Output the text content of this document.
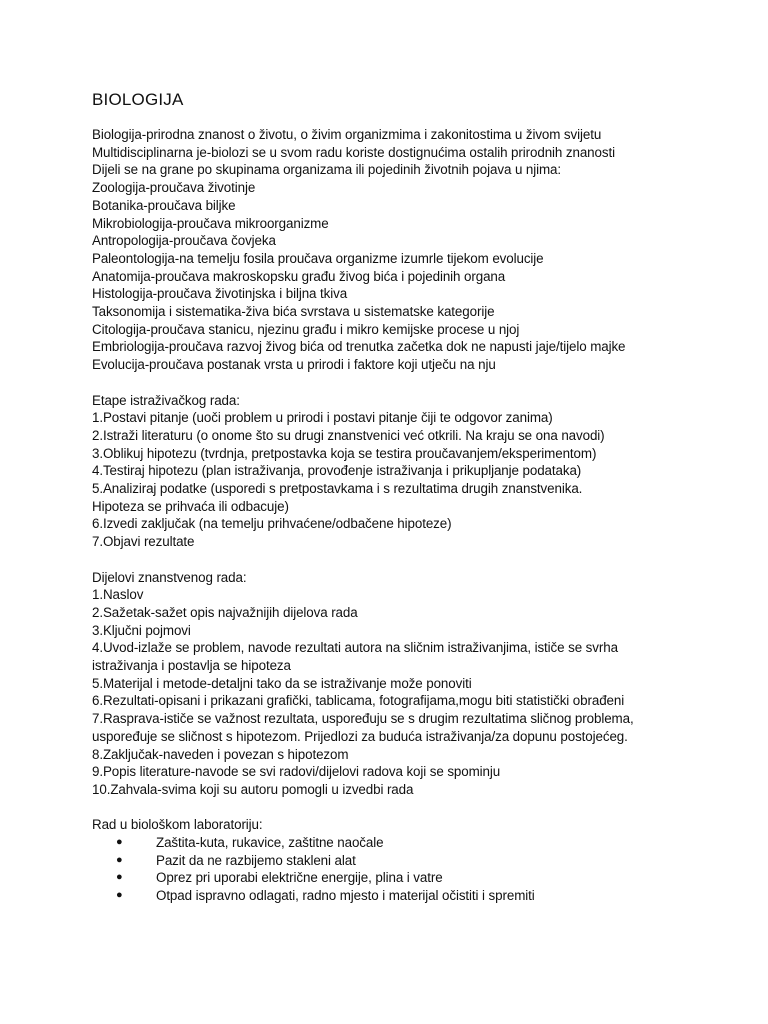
BIOLOGIJA
Biologija-prirodna znanost o životu, o živim organizmima i zakonitostima u živom svijetu
Multidisciplinarna je-biolozi se u svom radu koriste dostignućima ostalih prirodnih znanosti
Dijeli se na grane po skupinama organizama ili pojedinih životnih pojava u njima:
Zoologija-proučava životinje
Botanika-proučava biljke
Mikrobiologija-proučava mikroorganizme
Antropologija-proučava čovjeka
Paleontologija-na temelju fosila proučava organizme izumrle tijekom evolucije
Anatomija-proučava makroskopsku građu živog bića i pojedinih organa
Histologija-proučava životinjska i biljna tkiva
Taksonomija i sistematika-živa bića svrstava u sistematske kategorije
Citologija-proučava stanicu, njezinu građu i mikro kemijske procese u njoj
Embriologija-proučava razvoj živog bića od trenutka začetka dok ne napusti jaje/tijelo majke
Evolucija-proučava postanak vrsta u prirodi i faktore koji utječu na nju
Etape istraživačkog rada:
1.Postavi pitanje (uoči problem u prirodi i postavi pitanje čiji te odgovor zanima)
2.Istraži literaturu (o onome što su drugi znanstvenici već otkrili. Na kraju se ona navodi)
3.Oblikuj hipotezu (tvrdnja, pretpostavka koja se testira proučavanjem/eksperimentom)
4.Testiraj hipotezu (plan istraživanja, provođenje istraživanja i prikupljanje podataka)
5.Analiziraj podatke (usporedi s pretpostavkama i s rezultatima drugih znanstvenika.
Hipoteza se prihvaća ili odbacuje)
6.Izvedi zaključak (na temelju prihvaćene/odbačene hipoteze)
7.Objavi rezultate
Dijelovi znanstvenog rada:
1.Naslov
2.Sažetak-sažet opis najvažnijih dijelova rada
3.Ključni pojmovi
4.Uvod-izlaže se problem, navode rezultati autora na sličnim istraživanjima, ističe se svrha
istraživanja i postavlja se hipoteza
5.Materijal i metode-detaljni tako da se istraživanje može ponoviti
6.Rezultati-opisani i prikazani grafički, tablicama, fotografijama,mogu biti statistički obrađeni
7.Rasprava-ističe se važnost rezultata, uspoređuju se s drugim rezultatima sličnog problema,
uspoređuje se sličnost s hipotezom. Prijedlozi za buduća istraživanja/za dopunu postojećeg.
8.Zaključak-naveden i povezan s hipotezom
9.Popis literature-navode se svi radovi/dijelovi radova koji se spominju
10.Zahvala-svima koji su autoru pomogli u izvedbi rada
Rad u biološkom laboratoriju:
● Zaštita-kuta, rukavice, zaštitne naočale
● Pazit da ne razbijemo stakleni alat
● Oprez pri uporabi električne energije, plina i vatre
● Otpad ispravno odlagati, radno mjesto i materijal očistiti i spremiti
